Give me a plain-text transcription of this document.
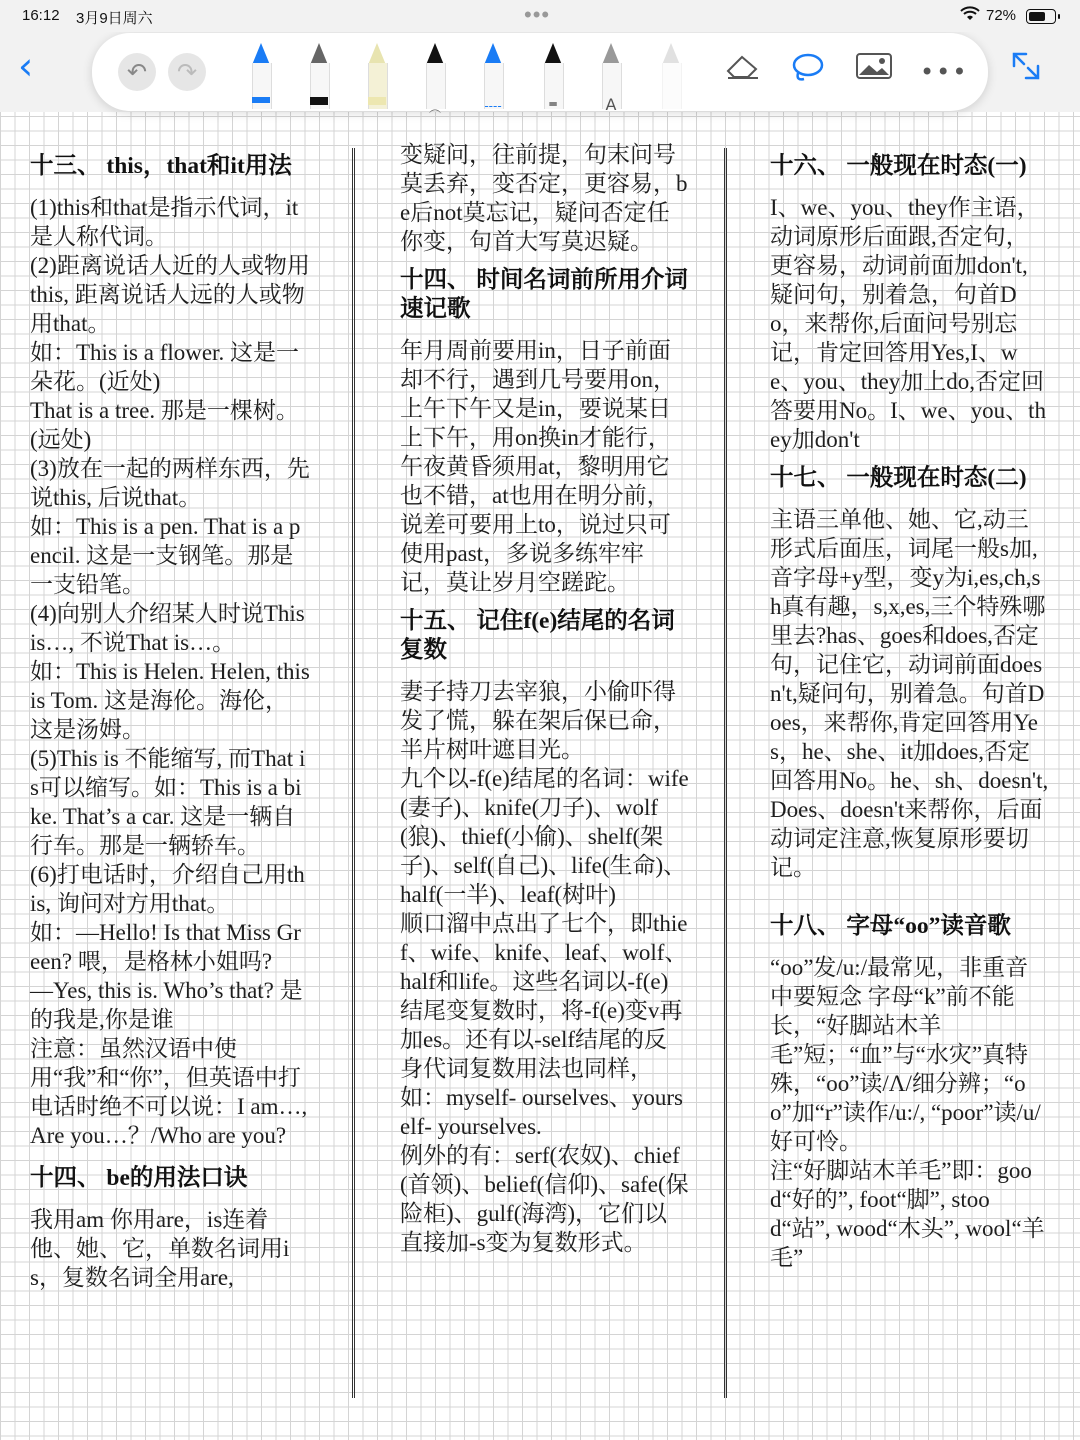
16:12 3月9日周六	•••	72%
‹	↶	↷
︵	----	═	A
•••
十三、 this，that和it用法
(1)this和that是指示代词，it是人称代词。
(2)距离说话人近的人或物用this, 距离说话人远的人或物用that。
如：This is a flower. 这是一朵花。(近处)
That is a tree. 那是一棵树。(远处)
(3)放在一起的两样东西，先说this, 后说that。
如：This is a pen. That is a pencil. 这是一支钢笔。那是一支铅笔。
(4)向别人介绍某人时说This is…, 不说That is…。
如：This is Helen. Helen, this is Tom. 这是海伦。海伦，这是汤姆。
(5)This is 不能缩写, 而That is可以缩写。如：This is a bike. That’s a car. 这是一辆自行车。那是一辆轿车。
(6)打电话时，介绍自己用this, 询问对方用that。
如：—Hello! Is that Miss Green? 喂，是格林小姐吗?
—Yes, this is. Who’s that? 是的我是,你是谁
注意：虽然汉语中使用“我”和“你”，但英语中打电话时绝不可以说：I am…, Are you…？/Who are you?
十四、 be的用法口诀
我用am 你用are，is连着他、她、它，单数名词用is，复数名词全用are,
变疑问，往前提，句末问号莫丢弃，变否定，更容易，be后not莫忘记，疑问否定任你变，句首大写莫迟疑。
十四、 时间名词前所用介词速记歌
年月周前要用in，日子前面却不行，遇到几号要用on，上午下午又是in，要说某日上下午，用on换in才能行，午夜黄昏须用at，黎明用它也不错，at也用在明分前，说差可要用上to，说过只可使用past，多说多练牢牢记，莫让岁月空蹉跎。
十五、 记住f(e)结尾的名词复数
妻子持刀去宰狼，小偷吓得发了慌，躲在架后保已命，半片树叶遮目光。
九个以-f(e)结尾的名词：wife(妻子)、knife(刀子)、wolf(狼)、thief(小偷)、shelf(架子)、self(自己)、life(生命)、half(一半)、leaf(树叶)
顺口溜中点出了七个，即thief、wife、knife、leaf、wolf、half和life。这些名词以-f(e)结尾变复数时，将-f(e)变v再加es。还有以-self结尾的反身代词复数用法也同样，如：myself- ourselves、yourself- yourselves.
例外的有：serf(农奴)、chief(首领)、belief(信仰)、safe(保险柜)、gulf(海湾)，它们以直接加-s变为复数形式。
十六、 一般现在时态(一)
I、we、you、they作主语，动词原形后面跟,否定句，更容易，动词前面加don't,疑问句，别着急，句首Do，来帮你,后面问号别忘记，肯定回答用Yes,I、we、you、they加上do,否定回答要用No。I、we、you、they加don't
十七、 一般现在时态(二)
主语三单他、她、它,动三形式后面压，词尾一般s加,音字母+y型，变y为i,es,ch,sh真有趣，s,x,es,三个特殊哪里去?has、goes和does,否定句，记住它，动词前面doesn't,疑问句，别着急。句首Does，来帮你,肯定回答用Yes，he、she、it加does,否定回答用No。he、sh、doesn't, Does、doesn't来帮你，后面动词定注意,恢复原形要切记。
十八、 字母“oo”读音歌
“oo”发/u:/最常见，非重音中要短念 字母“k”前不能长，“好脚站木羊毛”短；“血”与“水灾”真特殊，“oo”读/Λ/细分辨；“oo”加“r”读作/u:/, “poor”读/u/好可怜。
注“好脚站木羊毛”即：good“好的”, foot“脚”, stood“站”, wood“木头”, wool“羊毛”
